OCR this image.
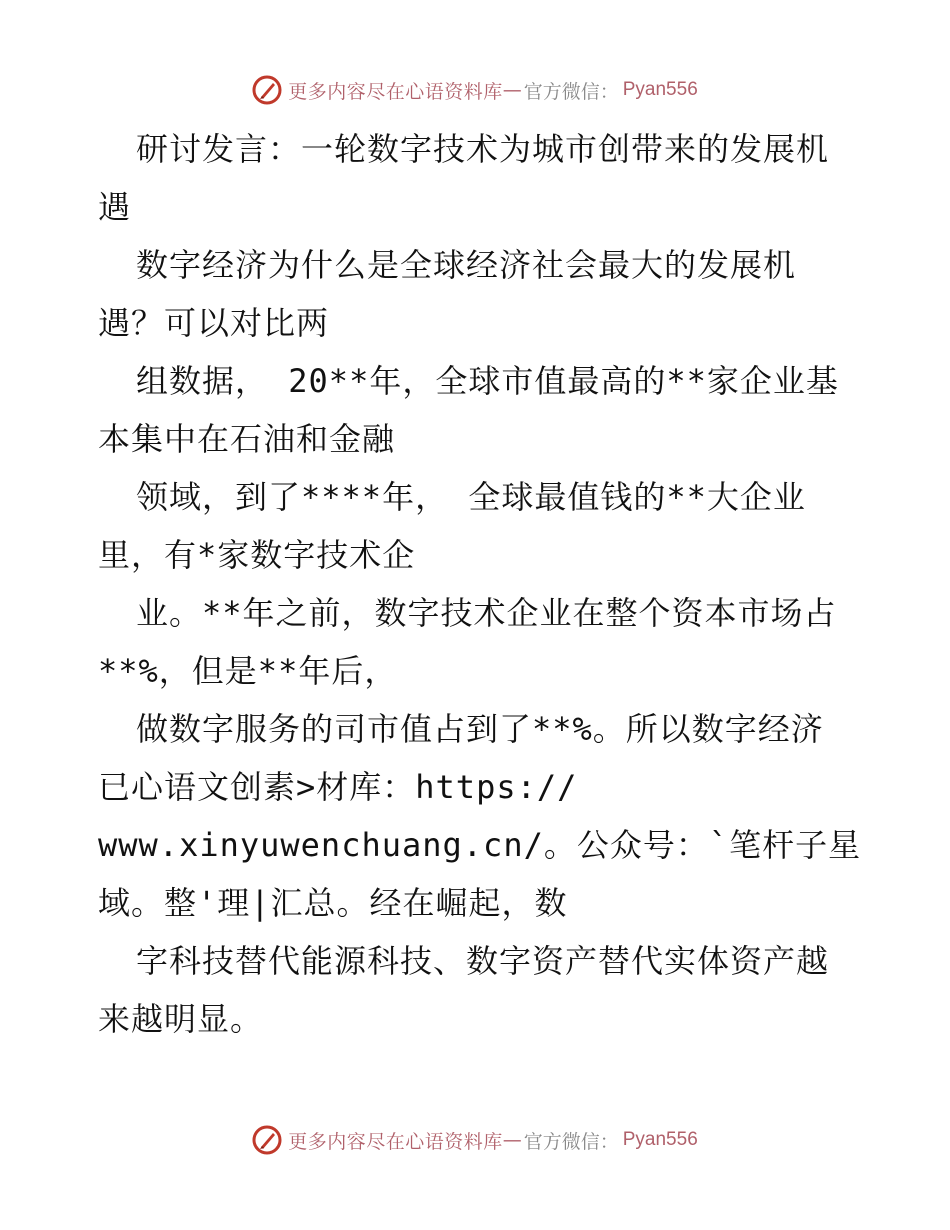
更多内容尽在心语资料库 — 官方微信： Pyan556
研讨发言：一轮数字技术为城市创带来的发展机
遇
数字经济为什么是全球经济社会最大的发展机
遇？可以对比两
组数据， 20**年，全球市值最高的**家企业基
本集中在石油和金融
领域，到了****年， 全球最值钱的**大企业
里，有*家数字技术企
业。**年之前，数字技术企业在整个资本市场占
**%，但是**年后，
做数字服务的司市值占到了**%。所以数字经济
已心语文创素>材库：https://
www.xinyuwenchuang.cn/。公众号：`笔杆子星
域。整'理|汇总。经在崛起，数
字科技替代能源科技、数字资产替代实体资产越
来越明显。
更多内容尽在心语资料库 — 官方微信： Pyan556
